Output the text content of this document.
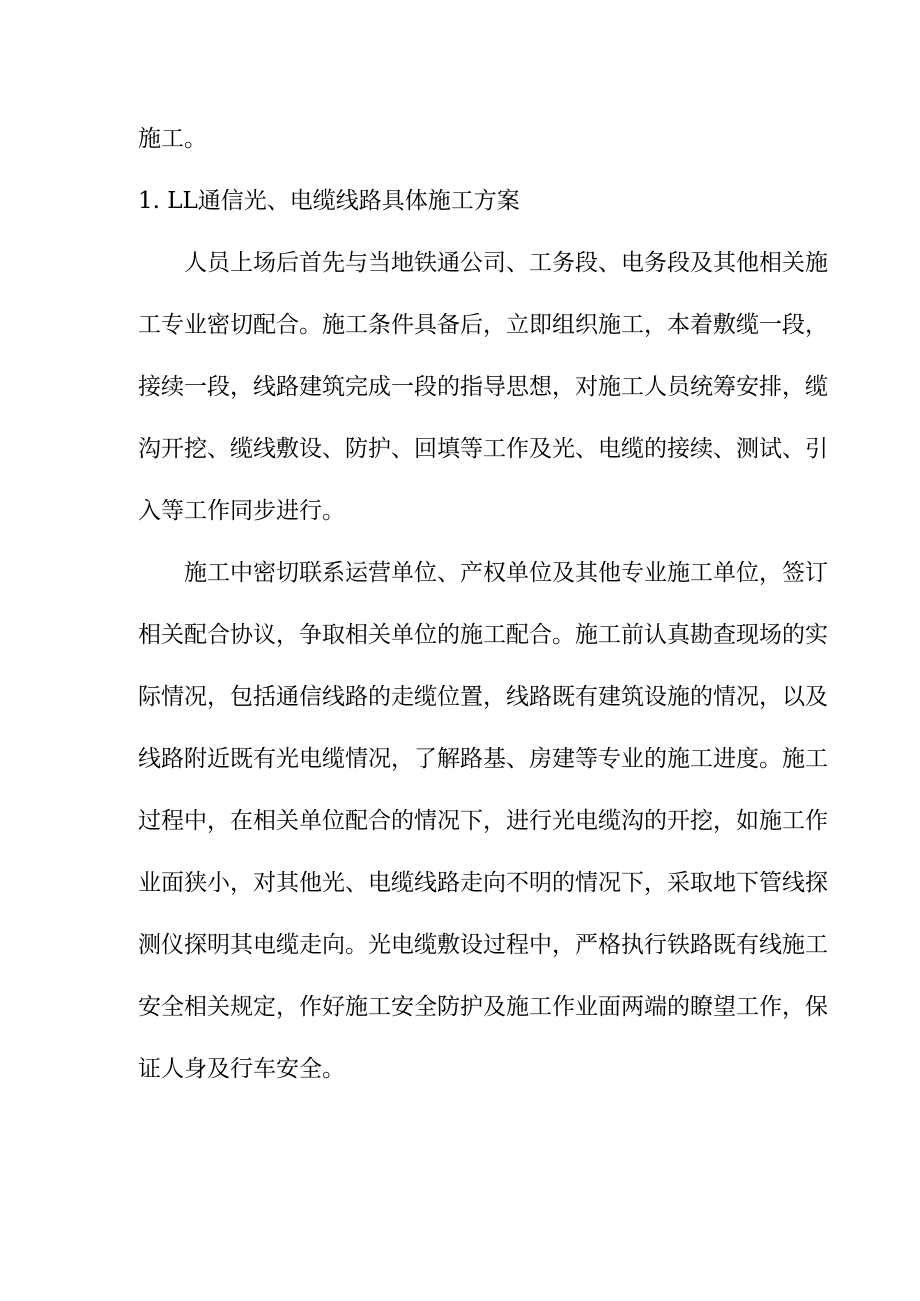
施工。

1. LL通信光、电缆线路具体施工方案

人员上场后首先与当地铁通公司、工务段、电务段及其他相关施工专业密切配合。施工条件具备后，立即组织施工，本着敷缆一段，接续一段，线路建筑完成一段的指导思想，对施工人员统筹安排，缆沟开挖、缆线敷设、防护、回填等工作及光、电缆的接续、测试、引入等工作同步进行。

施工中密切联系运营单位、产权单位及其他专业施工单位，签订相关配合协议，争取相关单位的施工配合。施工前认真勘查现场的实际情况，包括通信线路的走缆位置，线路既有建筑设施的情况，以及线路附近既有光电缆情况，了解路基、房建等专业的施工进度。施工过程中，在相关单位配合的情况下，进行光电缆沟的开挖，如施工作业面狭小，对其他光、电缆线路走向不明的情况下，采取地下管线探测仪探明其电缆走向。光电缆敷设过程中，严格执行铁路既有线施工安全相关规定，作好施工安全防护及施工作业面两端的瞭望工作，保证人身及行车安全。
